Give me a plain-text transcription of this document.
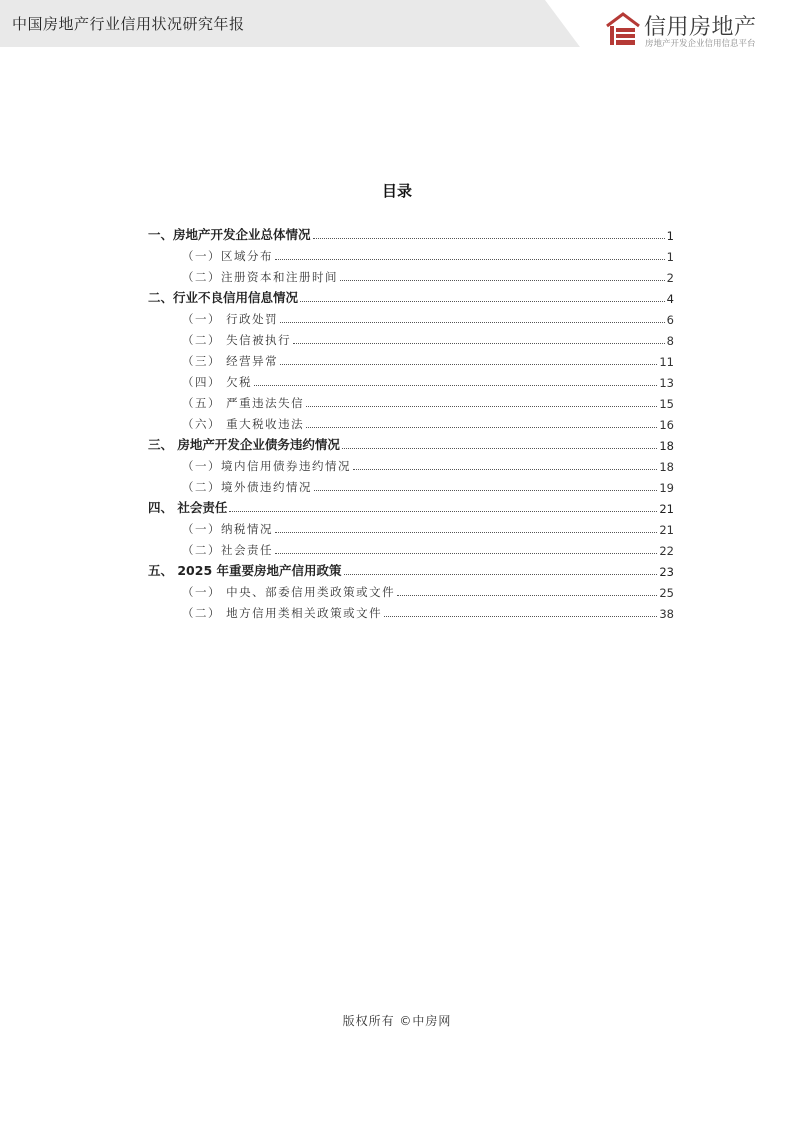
中国房地产行业信用状况研究年报	信用房地产
房地产开发企业信用信息平台
目录
一、房地产开发企业总体情况	1
（一）区域分布	1
（二）注册资本和注册时间	2
二、行业不良信用信息情况	4
（一） 行政处罚	6
（二） 失信被执行	8
（三） 经营异常	11
（四） 欠税	13
（五） 严重违法失信	15
（六） 重大税收违法	16
三、 房地产开发企业债务违约情况	18
（一）境内信用债券违约情况	18
（二）境外债违约情况	19
四、 社会责任	21
（一）纳税情况	21
（二）社会责任	22
五、 2025 年重要房地产信用政策	23
（一） 中央、部委信用类政策或文件	25
（二） 地方信用类相关政策或文件	38
版权所有 ©中房网
